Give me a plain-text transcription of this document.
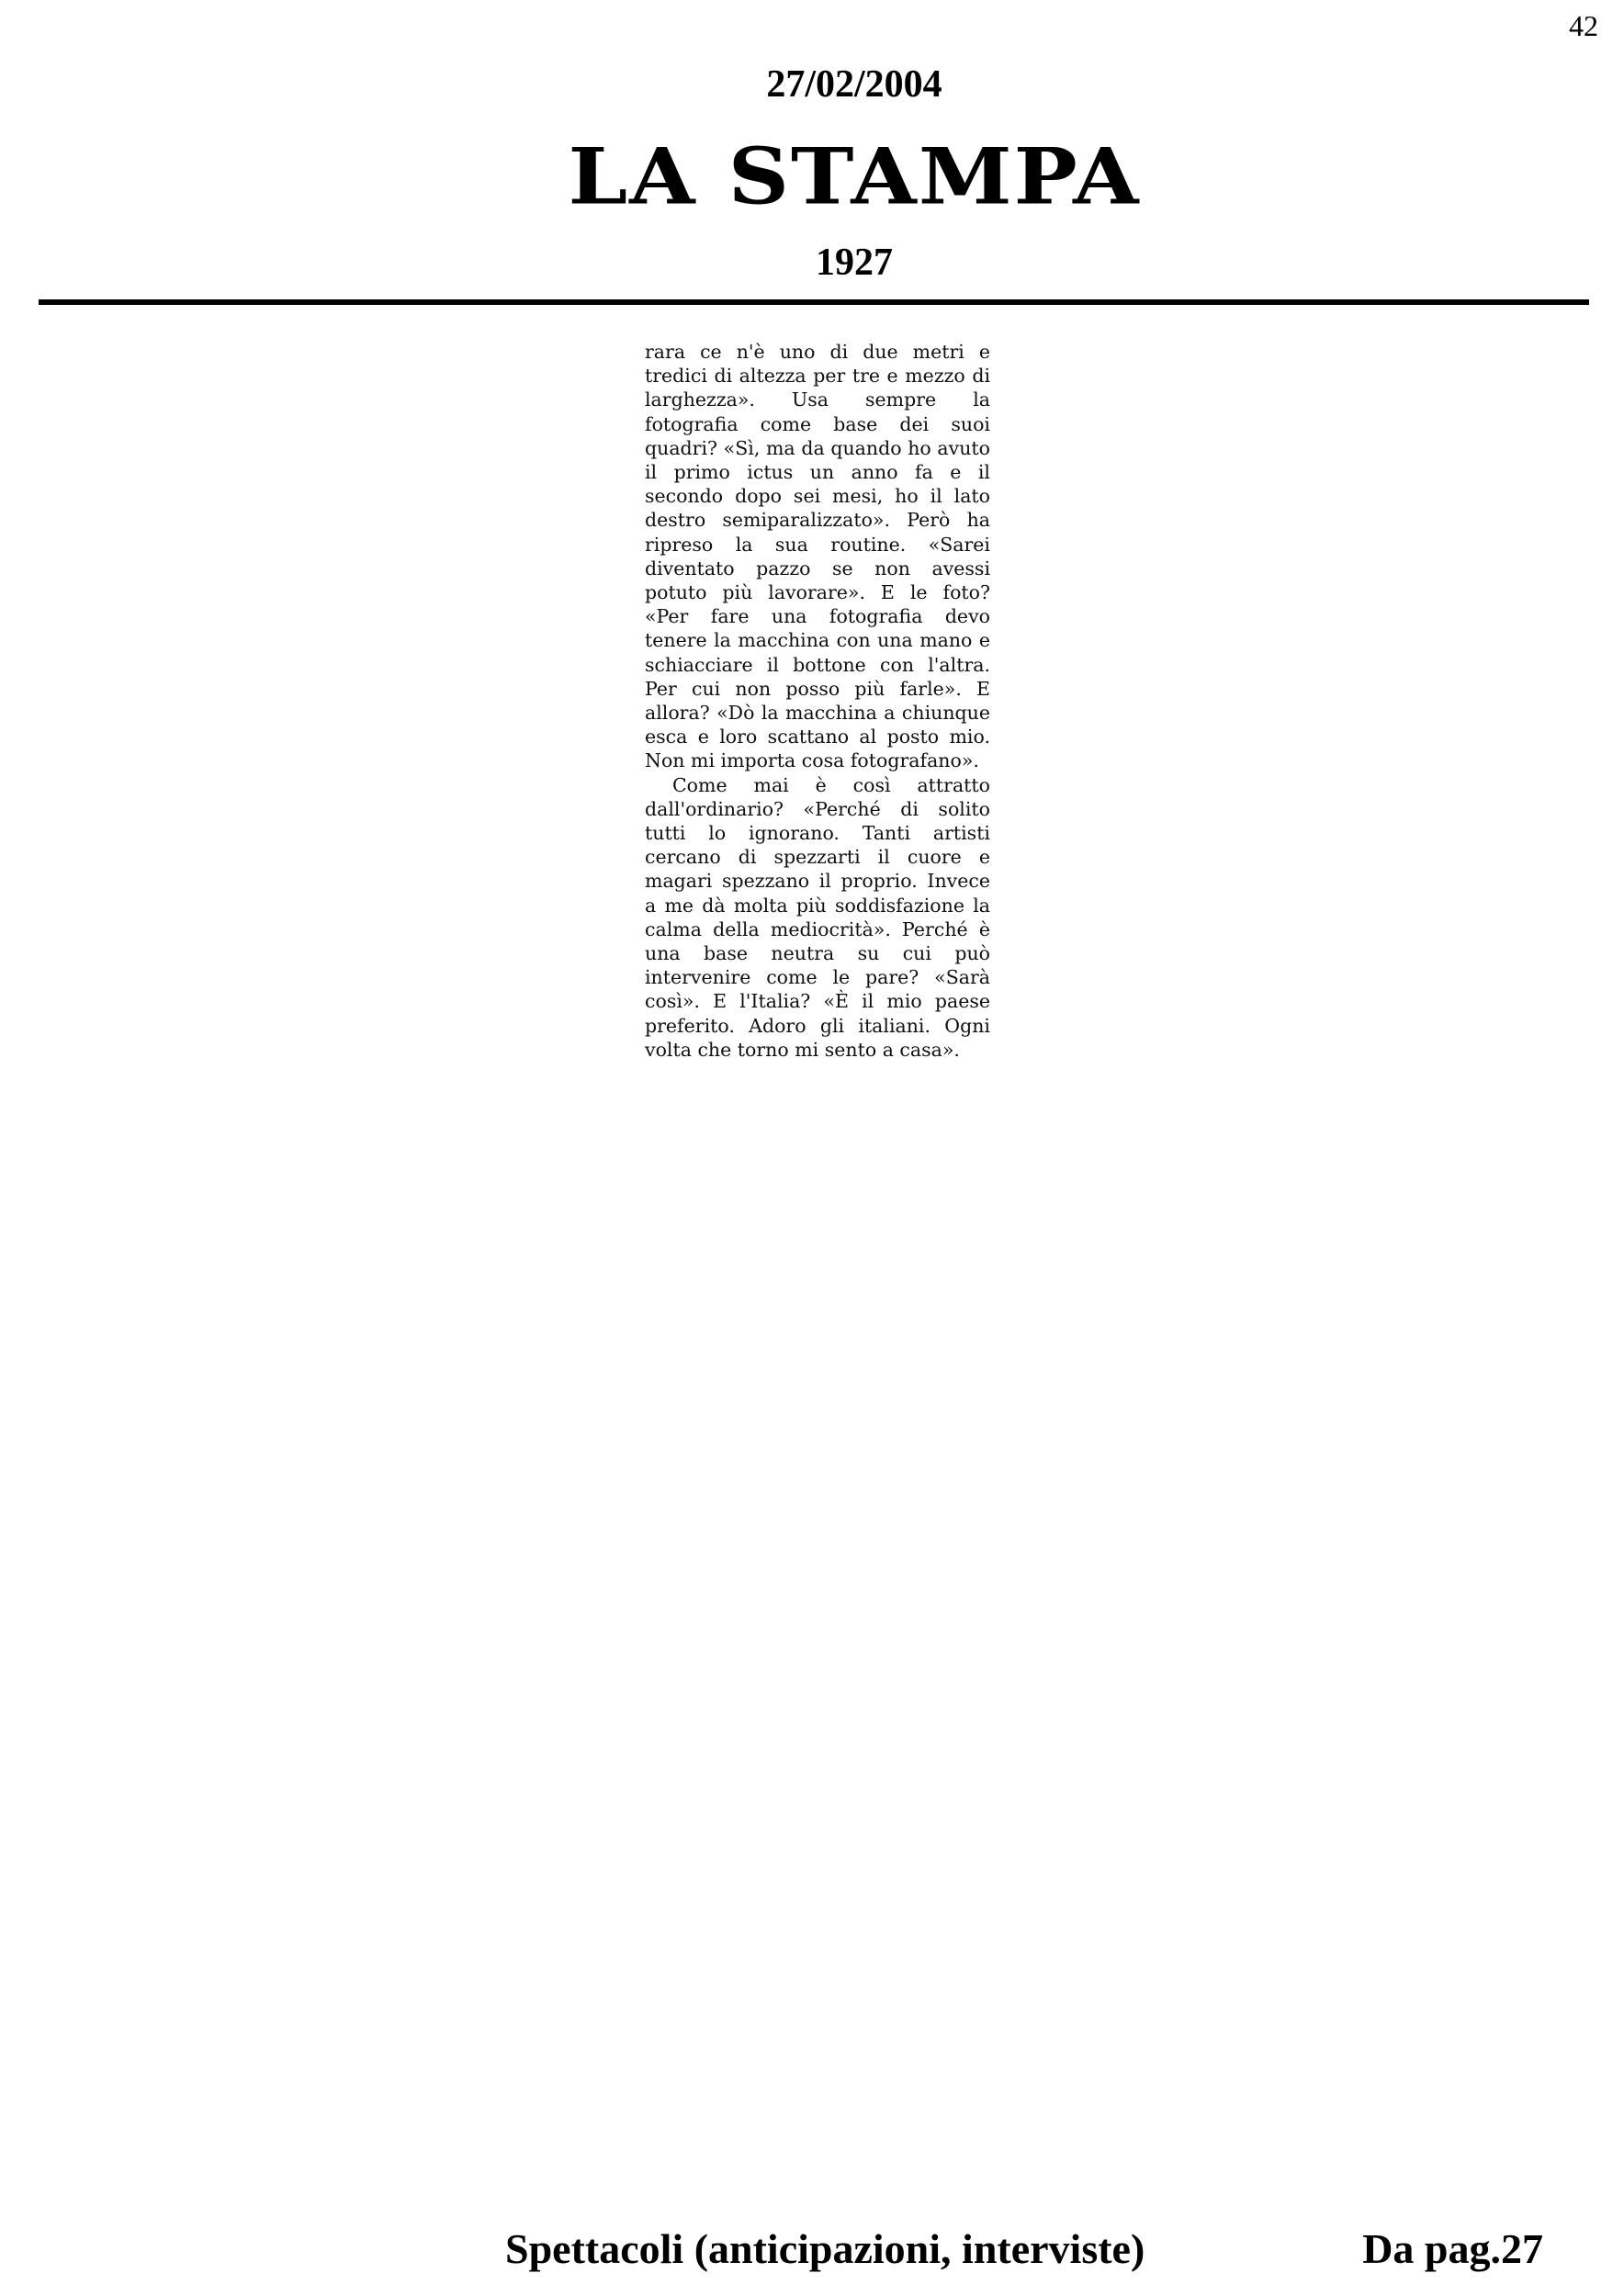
42
27/02/2004
LA STAMPA
1927

rara ce n'è uno di due metri e tredici di altezza per tre e mezzo di larghezza». Usa sempre la fotografia come base dei suoi quadri? «Sì, ma da quando ho avuto il primo ictus un anno fa e il secondo dopo sei mesi, ho il lato destro semiparalizzato». Però ha ripreso la sua routine. «Sarei diventato pazzo se non avessi potuto più lavorare». E le foto? «Per fare una fotografia devo tenere la macchina con una mano e schiacciare il bottone con l'altra. Per cui non posso più farle». E allora? «Dò la macchina a chiunque esca e loro scattano al posto mio. Non mi importa cosa fotografano».

Come mai è così attratto dall'ordinario? «Perché di solito tutti lo ignorano. Tanti artisti cercano di spezzarti il cuore e magari spezzano il proprio. Invece a me dà molta più soddisfazione la calma della mediocrità». Perché è una base neutra su cui può intervenire come le pare? «Sarà così». E l'Italia? «È il mio paese preferito. Adoro gli italiani. Ogni volta che torno mi sento a casa».

Spettacoli (anticipazioni, interviste)	Da pag.27
